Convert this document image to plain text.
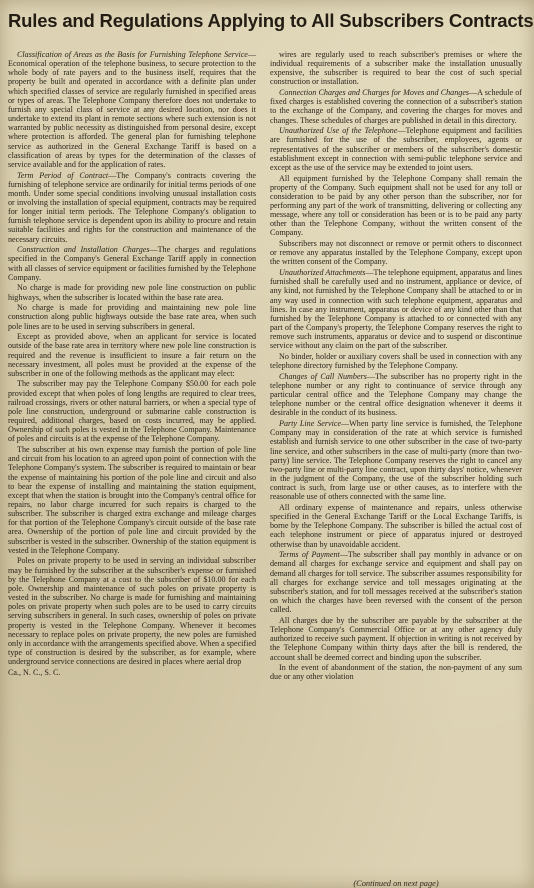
Rules and Regulations Applying to All Subscribers Contracts

Classification of Areas as the Basis for Furnishing Telephone Service—Economical operation of the telephone business, to secure protection to the whole body of rate payers and to the business itself, requires that the property be built and operated in accordance with a definite plan under which specified classes of service are regularly furnished in specified areas or types of areas. The Telephone Company therefore does not undertake to furnish any special class of service at any desired location, nor does it undertake to extend its plant in remote sections where such extension is not warranted by public necessity as distinguished from personal desire, except where protection is afforded. The general plan for furnishing telephone service as authorized in the General Exchange Tariff is based on a classification of areas by types for the determination of the classes of service available and for the application of rates.

Term Period of Contract—The Company's contracts covering the furnishing of telephone service are ordinarily for initial terms periods of one month. Under some special conditions involving unusual installation costs or involving the installation of special equipment, contracts may be required for longer initial term periods. The Telephone Company's obligation to furnish telephone service is dependent upon its ability to procure and retain suitable facilities and rights for the construction and maintenance of the necessary circuits.

Construction and Installation Charges—The charges and regulations specified in the Company's General Exchange Tariff apply in connection with all classes of service equipment or facilities furnished by the Telephone Company.

No charge is made for providing new pole line construction on public highways, when the subscriber is located within the base rate area.

No charge is made for providing and maintaining new pole line construction along public highways outside the base rate area, when such pole lines are to be used in serving subscribers in general.

Except as provided above, when an applicant for service is located outside of the base rate area in territory where new pole line construction is required and the revenue is insufficient to insure a fair return on the necessary investment, all poles must be provided at the expense of the subscriber in one of the following methods as the applicant may elect:

The subscriber may pay the Telephone Company $50.00 for each pole provided except that when poles of long lengths are required to clear trees, railroad crossings, rivers or other natural barriers, or when a special type of pole line construction, underground or submarine cable construction is required, additional charges, based on costs incurred, may be applied. Ownership of such poles is vested in the Telephone Company. Maintenance of poles and circuits is at the expense of the Telephone Company.

The subscriber at his own expense may furnish the portion of pole line and circuit from his location to an agreed upon point of connection with the Telephone Company's system. The subscriber is required to maintain or bear the expense of maintaining his portion of the pole line and circuit and also to bear the expense of installing and maintaining the station equipment, except that when the station is brought into the Company's central office for repairs, no labor charge incurred for such repairs is charged to the subscriber. The subscriber is charged extra exchange and mileage charges for that portion of the Telephone Company's circuit outside of the base rate area. Ownership of the portion of pole line and circuit provided by the subscriber is vested in the subscriber. Ownership of the station equipment is vested in the Telephone Company.

Poles on private property to be used in serving an individual subscriber may be furnished by the subscriber at the subscriber's expense or furnished by the Telephone Company at a cost to the subscriber of $10.00 for each pole. Ownership and maintenance of such poles on private property is vested in the subscriber. No charge is made for furnishing and maintaining poles on private property when such poles are to be used to carry circuits serving subscribers in general. In such cases, ownership of poles on private property is vested in the Telephone Company. Whenever it becomes necessary to replace poles on private property, the new poles are furnished only in accordance with the arrangements specified above. When a specified type of construction is desired by the subscriber, as for example, where underground service connections are desired in places where aerial drop

Ca., N. C., S. C.

wires are regularly used to reach subscriber's premises or where the individual requirements of a subscriber make the installation unusually expensive, the subscriber is required to bear the cost of such special construction or installation.

Connection Charges and Charges for Moves and Changes—A schedule of fixed charges is established covering the connection of a subscriber's station to the exchange of the Company, and covering the charges for moves and changes. These schedules of charges are published in detail in this directory.

Unauthorized Use of the Telephone—Telephone equipment and facilities are furnished for the use of the subscriber, employees, agents or representatives of the subscriber or members of the subscriber's domestic establishment except in connection with semi-public telephone service and except as the use of the service may be extended to joint users.

All equipment furnished by the Telephone Company shall remain the property of the Company. Such equipment shall not be used for any toll or consideration to be paid by any other person than the subscriber, nor for performing any part of the work of transmitting, delivering or collecting any message, where any toll or consideration has been or is to be paid any party other than the Telephone Company, without the written consent of the Company.

Subscribers may not disconnect or remove or permit others to disconnect or remove any apparatus installed by the Telephone Company, except upon the written consent of the Company.

Unauthorized Attachments—The telephone equipment, apparatus and lines furnished shall be carefully used and no instrument, appliance or device, of any kind, not furnished by the Telephone Company shall be attached to or in any way used in connection with such telephone equipment, apparatus and lines. In case any instrument, apparatus or device of any kind other than that furnished by the Telephone Company is attached to or connected with any part of the Company's property, the Telephone Company reserves the right to remove such instruments, apparatus or device and to suspend or discontinue service without any claim on the part of the subscriber.

No binder, holder or auxiliary covers shall be used in connection with any telephone directory furnished by the Telephone Company.

Changes of Call Numbers—The subscriber has no property right in the telephone number or any right to continuance of service through any particular central office and the Telephone Company may change the telephone number or the central office designation whenever it deems it desirable in the conduct of its business.

Party Line Service—When party line service is furnished, the Telephone Company may in consideration of the rate at which service is furnished establish and furnish service to one other subscriber in the case of two-party line service, and other subscribers in the case of multi-party (more than two-party) line service. The Telephone Company reserves the right to cancel any two-party line or multi-party line contract, upon thirty days' notice, whenever in the judgment of the Company, the use of the subscriber holding such contract is such, from large use or other causes, as to interfere with the reasonable use of others connected with the same line.

All ordinary expense of maintenance and repairs, unless otherwise specified in the General Exchange Tariff or the Local Exchange Tariffs, is borne by the Telephone Company. The subscriber is billed the actual cost of each telephone instrument or piece of apparatus injured or destroyed otherwise than by unavoidable accident.

Terms of Payment—The subscriber shall pay monthly in advance or on demand all charges for exchange service and equipment and shall pay on demand all charges for toll service. The subscriber assumes responsibility for all charges for exchange service and toll messages originating at the subscriber's station, and for toll messages received at the subscriber's station on which the charges have been reversed with the consent of the person called.

All charges due by the subscriber are payable by the subscriber at the Telephone Company's Commercial Office or at any other agency duly authorized to receive such payment. If objection in writing is not received by the Telephone Company within thirty days after the bill is rendered, the account shall be deemed correct and binding upon the subscriber.

In the event of abandonment of the station, the non-payment of any sum due or any other violation

(Continued on next page)
